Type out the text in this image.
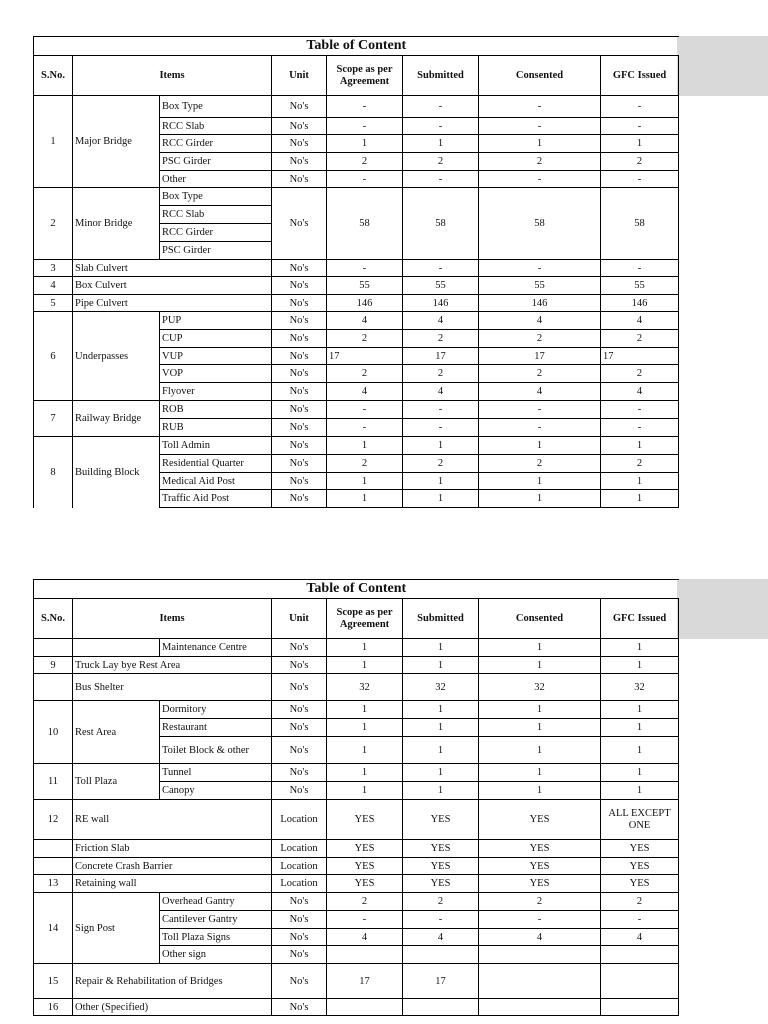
Table of Content							
S.No.	Items		Unit	Scope as per Agreement	Submitted	Consented	GFC Issued
1	Major Bridge	Box Type	No's	-	-	-	-
		RCC Slab	No's	-	-	-	-
		RCC Girder	No's	1	1	1	1
		PSC Girder	No's	2	2	2	2
		Other	No's	-	-	-	-
2	Minor Bridge	Box Type	No's	58	58	58	58
		RCC Slab					
		RCC Girder					
		PSC Girder					
3	Slab Culvert		No's	-	-	-	-
4	Box Culvert		No's	55	55	55	55
5	Pipe Culvert		No's	146	146	146	146
6	Underpasses	PUP	No's	4	4	4	4
		CUP	No's	2	2	2	2
		VUP	No's	17	17	17	17
		VOP	No's	2	2	2	2
		Flyover	No's	4	4	4	4
7	Railway Bridge	ROB	No's	-	-	-	-
		RUB	No's	-	-	-	-
8	Building Block	Toll Admin	No's	1	1	1	1
		Residential Quarter	No's	2	2	2	2
		Medical Aid Post	No's	1	1	1	1
		Traffic Aid Post	No's	1	1	1	1
Table of Content							
S.No.	Items		Unit	Scope as per Agreement	Submitted	Consented	GFC Issued
		Maintenance Centre	No's	1	1	1	1
9	Truck Lay bye Rest Area		No's	1	1	1	1
	Bus Shelter		No's	32	32	32	32
10	Rest Area	Dormitory	No's	1	1	1	1
		Restaurant	No's	1	1	1	1
		Toilet Block & other	No's	1	1	1	1
11	Toll Plaza	Tunnel	No's	1	1	1	1
		Canopy	No's	1	1	1	1
12	RE wall		Location	YES	YES	YES	ALL EXCEPT ONE
	Friction Slab		Location	YES	YES	YES	YES
	Concrete Crash Barrier		Location	YES	YES	YES	YES
13	Retaining wall		Location	YES	YES	YES	YES
14	Sign Post	Overhead Gantry	No's	2	2	2	2
		Cantilever Gantry	No's	-	-	-	-
		Toll Plaza Signs	No's	4	4	4	4
		Other sign	No's				
15	Repair & Rehabilitation of Bridges		No's	17	17		
16	Other (Specified)		No's				
